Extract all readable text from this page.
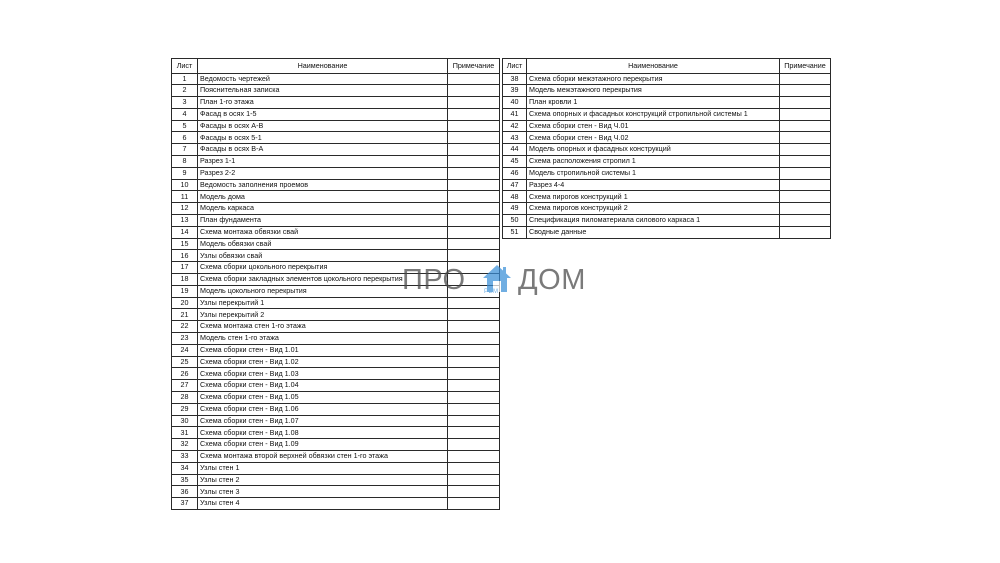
Лист	Наименование	Примечание
1	Ведомость чертежей	
2	Пояснительная записка	
3	План 1-го этажа	
4	Фасад в осях 1-5	
5	Фасады в осях А-В	
6	Фасады в осях 5-1	
7	Фасады в осях В-А	
8	Разрез 1-1	
9	Разрез 2-2	
10	Ведомость заполнения проемов	
11	Модель дома	
12	Модель каркаса	
13	План фундамента	
14	Схема монтажа обвязки свай	
15	Модель обвязки свай	
16	Узлы обвязки свай	
17	Схема сборки цокольного перекрытия	
18	Схема сборки закладных элементов цокольного перекрытия	
19	Модель цокольного перекрытия	
20	Узлы перекрытий 1	
21	Узлы перекрытий 2	
22	Схема монтажа стен 1-го этажа	
23	Модель стен 1-го этажа	
24	Схема сборки стен - Вид 1.01	
25	Схема сборки стен - Вид 1.02	
26	Схема сборки стен - Вид 1.03	
27	Схема сборки стен - Вид 1.04	
28	Схема сборки стен - Вид 1.05	
29	Схема сборки стен - Вид 1.06	
30	Схема сборки стен - Вид 1.07	
31	Схема сборки стен - Вид 1.08	
32	Схема сборки стен - Вид 1.09	
33	Схема монтажа второй верхней обвязки стен 1-го этажа	
34	Узлы стен 1	
35	Узлы стен 2	
36	Узлы стен 3	
37	Узлы стен 4	
Лист	Наименование	Примечание
38	Схема сборки межэтажного перекрытия	
39	Модель межэтажного перекрытия	
40	План кровли 1	
41	Схема опорных и фасадных конструкций стропильной системы 1	
42	Схема сборки стен - Вид Ч.01	
43	Схема сборки стен - Вид Ч.02	
44	Модель опорных и фасадных конструкций	
45	Схема расположения стропил 1	
46	Модель стропильной системы 1	
47	Разрез 4-4	
48	Схема пирогов конструкций 1	
49	Схема пирогов конструкций 2	
50	Спецификация пиломатериала силового каркаса 1	
51	Сводные данные	
ПРО	РЕМ ДОМ
